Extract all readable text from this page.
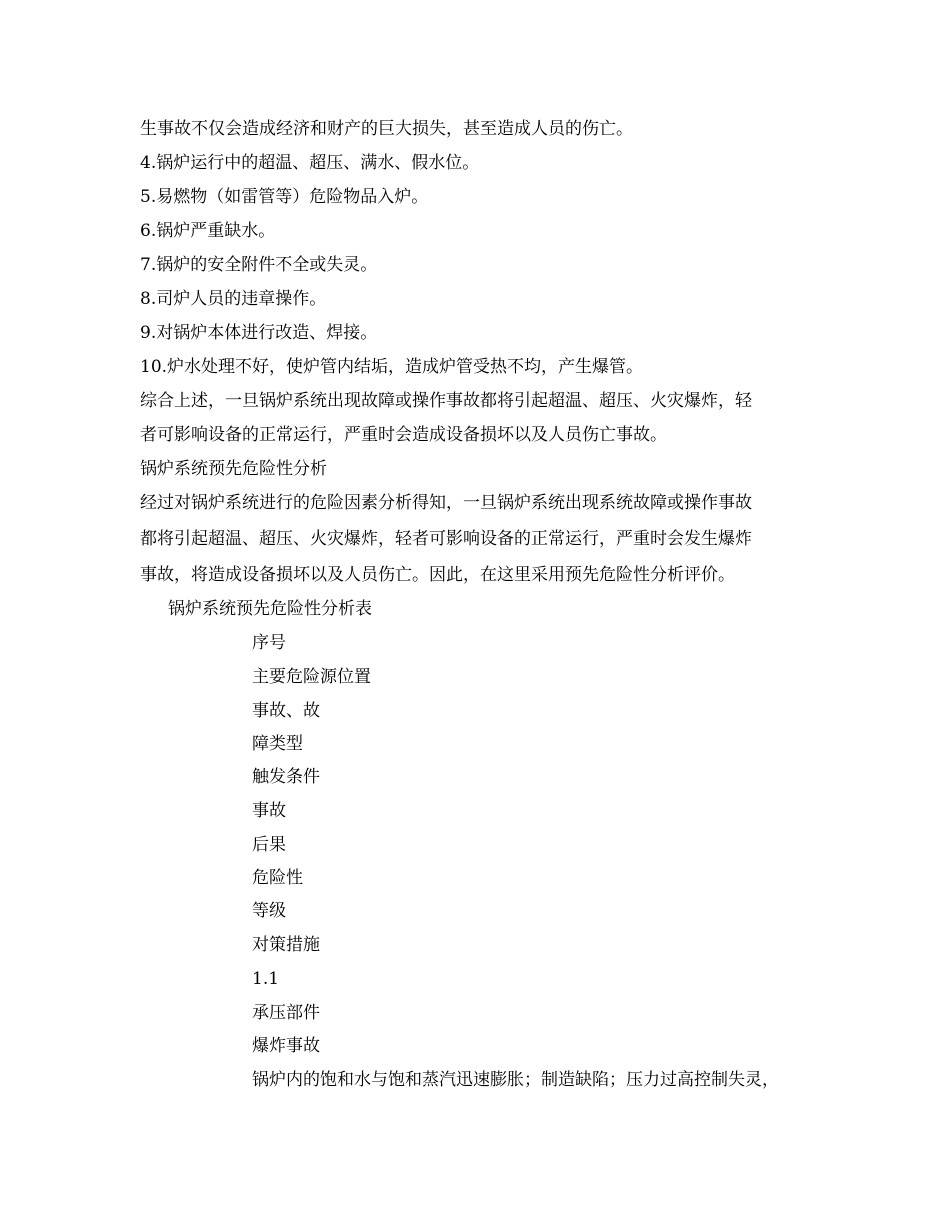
生事故不仅会造成经济和财产的巨大损失，甚至造成人员的伤亡。
4.锅炉运行中的超温、超压、满水、假水位。
5.易燃物（如雷管等）危险物品入炉。
6.锅炉严重缺水。
7.锅炉的安全附件不全或失灵。
8.司炉人员的违章操作。
9.对锅炉本体进行改造、焊接。
10.炉水处理不好，使炉管内结垢，造成炉管受热不均，产生爆管。
综合上述，一旦锅炉系统出现故障或操作事故都将引起超温、超压、火灾爆炸，轻
者可影响设备的正常运行，严重时会造成设备损坏以及人员伤亡事故。
锅炉系统预先危险性分析
经过对锅炉系统进行的危险因素分析得知，一旦锅炉系统出现系统故障或操作事故
都将引起超温、超压、火灾爆炸，轻者可影响设备的正常运行，严重时会发生爆炸
事故，将造成设备损坏以及人员伤亡。因此，在这里采用预先危险性分析评价。
锅炉系统预先危险性分析表
序号
主要危险源位置
事故、故
障类型
触发条件
事故
后果
危险性
等级
对策措施
1.1
承压部件
爆炸事故
锅炉内的饱和水与饱和蒸汽迅速膨胀；制造缺陷；压力过高控制失灵，
